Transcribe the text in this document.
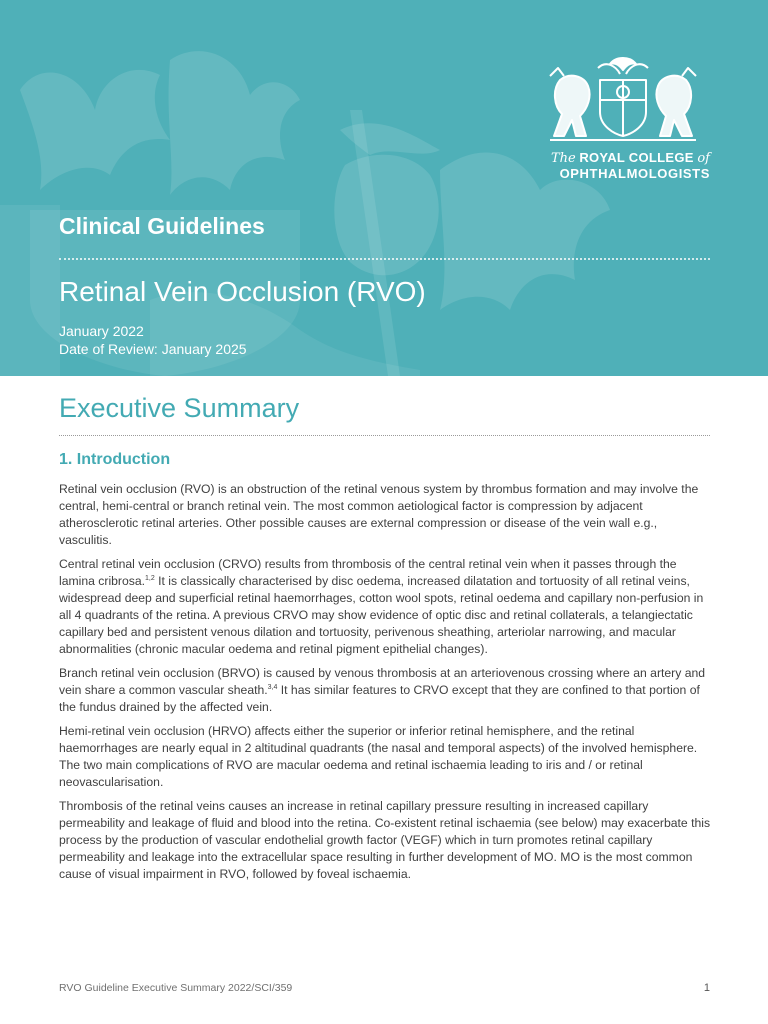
The ROYAL COLLEGE of
OPHTHALMOLOGISTS
Clinical Guidelines
Retinal Vein Occlusion (RVO)
January 2022
Date of Review: January 2025
Executive Summary
1. Introduction

Retinal vein occlusion (RVO) is an obstruction of the retinal venous system by thrombus formation and may involve the central, hemi-central or branch retinal vein. The most common aetiological factor is compression by adjacent atherosclerotic retinal arteries. Other possible causes are external compression or disease of the vein wall e.g., vasculitis.

Central retinal vein occlusion (CRVO) results from thrombosis of the central retinal vein when it passes through the lamina cribrosa.$^{1,2}$ It is classically characterised by disc oedema, increased dilatation and tortuosity of all retinal veins, widespread deep and superficial retinal haemorrhages, cotton wool spots, retinal oedema and capillary non-perfusion in all 4 quadrants of the retina. A previous CRVO may show evidence of optic disc and retinal collaterals, a telangiectatic capillary bed and persistent venous dilation and tortuosity, perivenous sheathing, arteriolar narrowing, and macular abnormalities (chronic macular oedema and retinal pigment epithelial changes).

Branch retinal vein occlusion (BRVO) is caused by venous thrombosis at an arteriovenous crossing where an artery and vein share a common vascular sheath.$^{3,4}$ It has similar features to CRVO except that they are confined to that portion of the fundus drained by the affected vein.

Hemi-retinal vein occlusion (HRVO) affects either the superior or inferior retinal hemisphere, and the retinal haemorrhages are nearly equal in 2 altitudinal quadrants (the nasal and temporal aspects) of the involved hemisphere. The two main complications of RVO are macular oedema and retinal ischaemia leading to iris and / or retinal neovascularisation.

Thrombosis of the retinal veins causes an increase in retinal capillary pressure resulting in increased capillary permeability and leakage of fluid and blood into the retina. Co-existent retinal ischaemia (see below) may exacerbate this process by the production of vascular endothelial growth factor (VEGF) which in turn promotes retinal capillary permeability and leakage into the extracellular space resulting in further development of MO. MO is the most common cause of visual impairment in RVO, followed by foveal ischaemia.

RVO Guideline Executive Summary 2022/SCI/359	1
